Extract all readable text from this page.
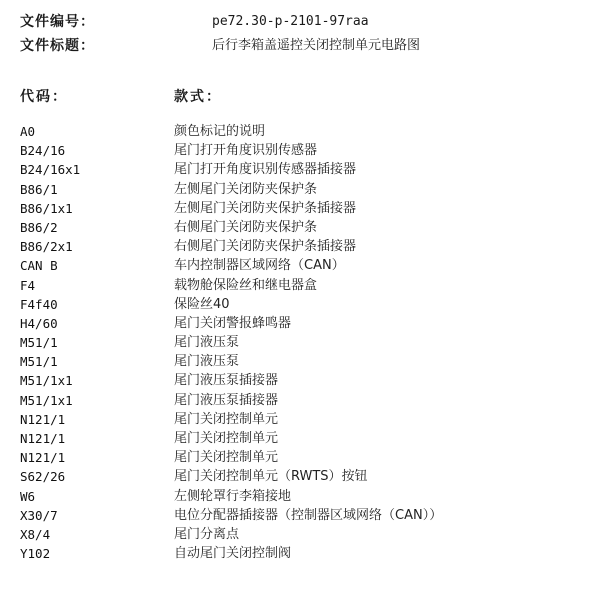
文件编号：	pe72.30-p-2101-97raa
文件标题：	后行李箱盖遥控关闭控制单元电路图
代码：	款式：
A0	颜色标记的说明
B24/16	尾门打开角度识别传感器
B24/16x1	尾门打开角度识别传感器插接器
B86/1	左侧尾门关闭防夹保护条
B86/1x1	左侧尾门关闭防夹保护条插接器
B86/2	右侧尾门关闭防夹保护条
B86/2x1	右侧尾门关闭防夹保护条插接器
CAN B	车内控制器区域网络（CAN）
F4	载物舱保险丝和继电器盒
F4f40	保险丝40
H4/60	尾门关闭警报蜂鸣器
M51/1	尾门液压泵
M51/1	尾门液压泵
M51/1x1	尾门液压泵插接器
M51/1x1	尾门液压泵插接器
N121/1	尾门关闭控制单元
N121/1	尾门关闭控制单元
N121/1	尾门关闭控制单元
S62/26	尾门关闭控制单元（RWTS）按钮
W6	左侧轮罩行李箱接地
X30/7	电位分配器插接器（控制器区域网络（CAN））
X8/4	尾门分离点
Y102	自动尾门关闭控制阀
